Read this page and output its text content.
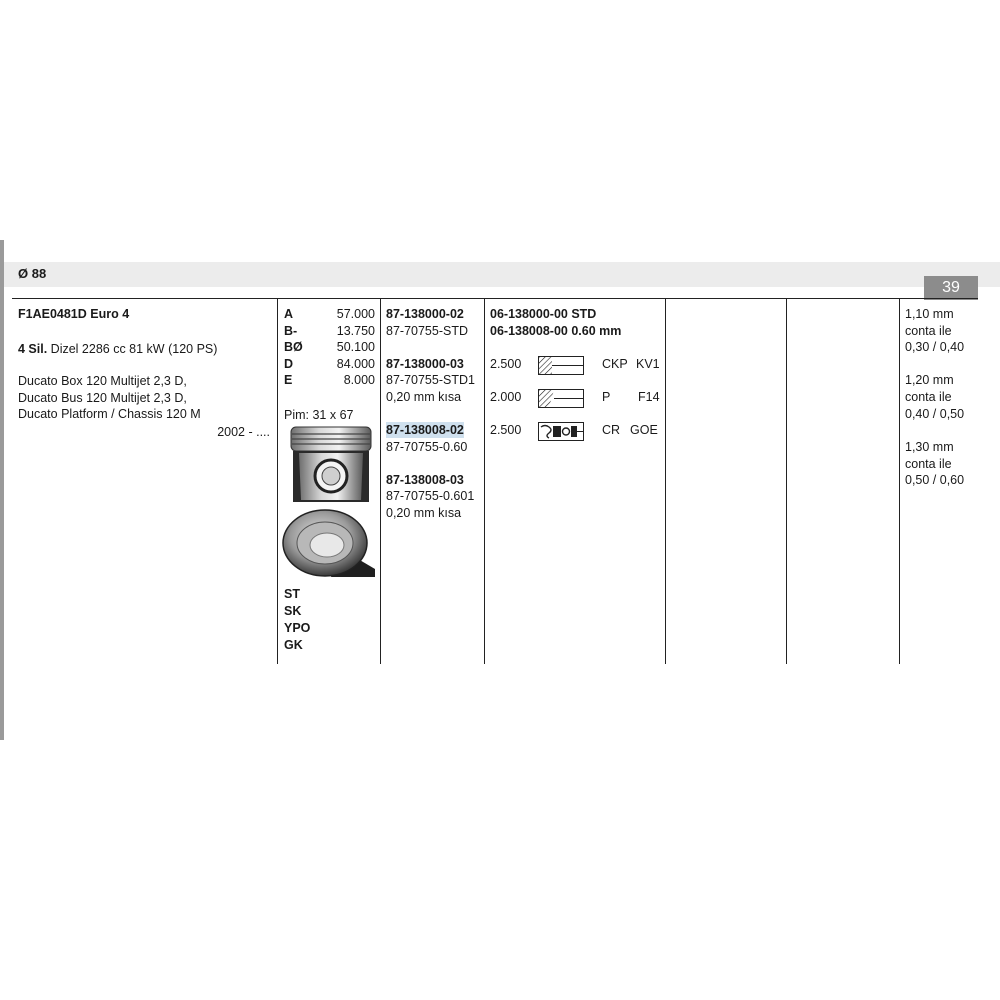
Ø 88
39
F1AE0481D Euro 4
4 Sil. Dizel 2286 cc 81 kW (120 PS)
Ducato Box 120 Multijet 2,3 D,
Ducato Bus 120 Multijet 2,3 D,
Ducato Platform / Chassis 120 M
2002 - ....
A	57.000
B-	13.750
BØ	50.100
D	84.000
E	8.000
Pim: 31 x 67
ST
SK
YPO
GK
87-138000-02
87-70755-STD
87-138000-03
87-70755-STD1
0,20 mm kısa
87-138008-02
87-70755-0.60
87-138008-03
87-70755-0.601
0,20 mm kısa
06-138000-00 STD
06-138008-00 0.60 mm
2.500	CKP KV1
2.000	P F14
2.500	CR GOE
1,10 mm
conta ile
0,30 / 0,40
1,20 mm
conta ile
0,40 / 0,50
1,30 mm
conta ile
0,50 / 0,60
